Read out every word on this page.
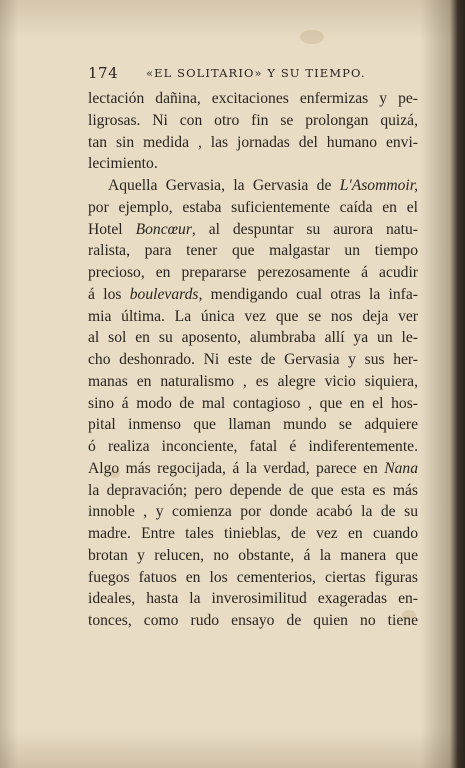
174 «EL SOLITARIO» Y SU TIEMPO.
lectación dañina, excitaciones enfermizas y pe-
ligrosas. Ni con otro fin se prolongan quizá,
tan sin medida , las jornadas del humano envi-
lecimiento.
Aquella Gervasia, la Gervasia de L'Asommoir,
por ejemplo, estaba suficientemente caída en el
Hotel Boncœur, al despuntar su aurora natu-
ralista, para tener que malgastar un tiempo
precioso, en prepararse perezosamente á acudir
á los boulevards, mendigando cual otras la infa-
mia última. La única vez que se nos deja ver
al sol en su aposento, alumbraba allí ya un le-
cho deshonrado. Ni este de Gervasia y sus her-
manas en naturalismo , es alegre vicio siquiera,
sino á modo de mal contagioso , que en el hos-
pital inmenso que llaman mundo se adquiere
ó realiza inconciente, fatal é indiferentemente.
Algo más regocijada, á la verdad, parece en Nana
la depravación; pero depende de que esta es más
innoble , y comienza por donde acabó la de su
madre. Entre tales tinieblas, de vez en cuando
brotan y relucen, no obstante, á la manera que
fuegos fatuos en los cementerios, ciertas figuras
ideales, hasta la inverosimilitud exageradas en-
tonces, como rudo ensayo de quien no tiene
